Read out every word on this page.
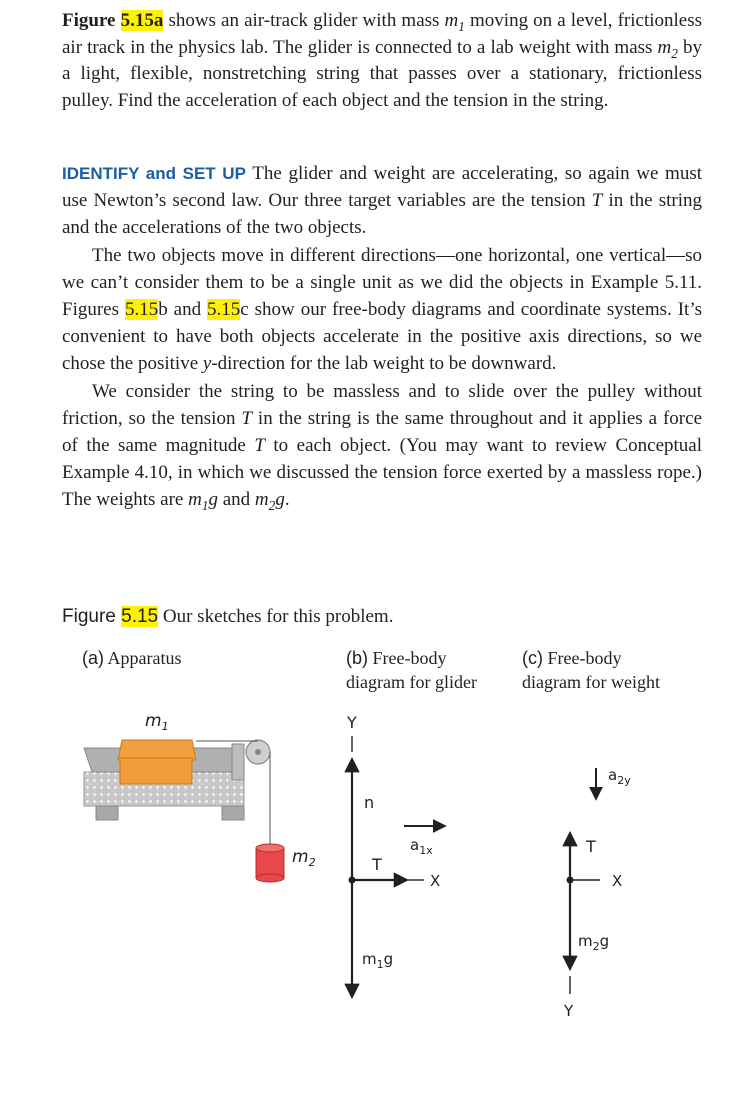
Figure 5.15a shows an air-track glider with mass $m_1$ moving on a level, frictionless air track in the physics lab. The glider is connected to a lab weight with mass $m_2$ by a light, flexible, nonstretching string that passes over a stationary, frictionless pulley. Find the acceleration of each object and the tension in the string.

IDENTIFY and SET UP The glider and weight are accelerating, so again we must use Newton’s second law. Our three target variables are the tension T in the string and the accelerations of the two objects.

The two objects move in different directions—one horizontal, one vertical—so we can’t consider them to be a single unit as we did the objects in Example 5.11. Figures 5.15b and 5.15c show our free-body diagrams and coordinate systems. It’s convenient to have both objects accelerate in the positive axis directions, so we chose the positive y-direction for the lab weight to be downward.

We consider the string to be massless and to slide over the pulley without friction, so the tension T in the string is the same throughout and it applies a force of the same magnitude T to each object. (You may want to review Conceptual Example 4.10, in which we discussed the tension force exerted by a massless rope.) The weights are $m_1g$ and $m_2g$.

Figure 5.15 Our sketches for this problem.
(a) Apparatus	(b) Free-body
diagram for glider
(c) Free-body
diagram for weight
$m_1$
$m_2$
Y
n
$a_{1x}$
T
X
$m_1g$
$a_{2y}$
T
X
$m_2g$
Y
